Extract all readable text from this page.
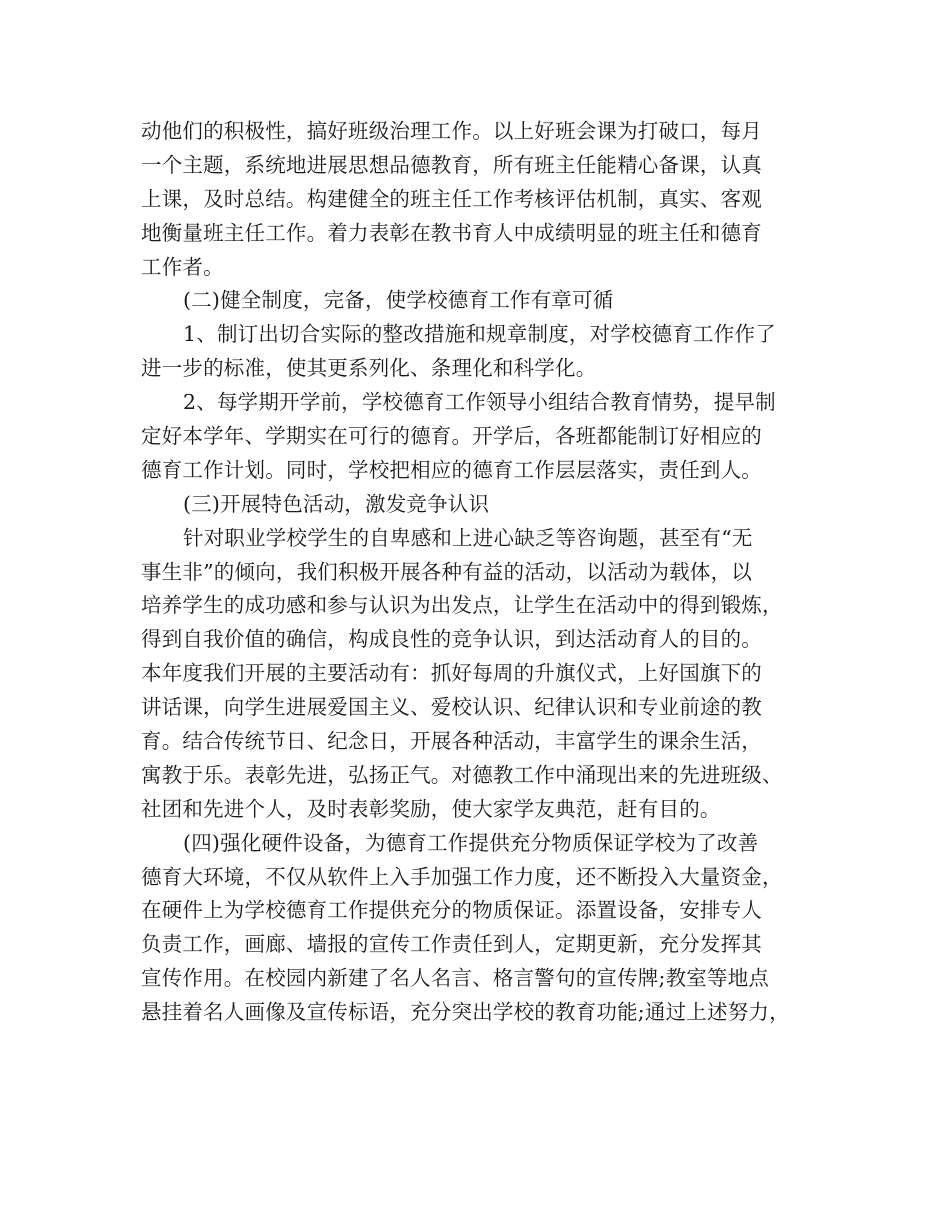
动他们的积极性，搞好班级治理工作。以上好班会课为打破口，每月
一个主题，系统地进展思想品德教育，所有班主任能精心备课，认真
上课，及时总结。构建健全的班主任工作考核评估机制，真实、客观
地衡量班主任工作。着力表彰在教书育人中成绩明显的班主任和德育
工作者。
(二)健全制度，完备，使学校德育工作有章可循
1、制订出切合实际的整改措施和规章制度，对学校德育工作作了
进一步的标准，使其更系列化、条理化和科学化。
2、每学期开学前，学校德育工作领导小组结合教育情势，提早制
定好本学年、学期实在可行的德育。开学后，各班都能制订好相应的
德育工作计划。同时，学校把相应的德育工作层层落实，责任到人。
(三)开展特色活动，激发竞争认识
针对职业学校学生的自卑感和上进心缺乏等咨询题，甚至有“无
事生非”的倾向，我们积极开展各种有益的活动，以活动为载体，以
培养学生的成功感和参与认识为出发点，让学生在活动中的得到锻炼，
得到自我价值的确信，构成良性的竞争认识，到达活动育人的目的。
本年度我们开展的主要活动有：抓好每周的升旗仪式，上好国旗下的
讲话课，向学生进展爱国主义、爱校认识、纪律认识和专业前途的教
育。结合传统节日、纪念日，开展各种活动，丰富学生的课余生活，
寓教于乐。表彰先进，弘扬正气。对德教工作中涌现出来的先进班级、
社团和先进个人，及时表彰奖励，使大家学友典范，赶有目的。
(四)强化硬件设备，为德育工作提供充分物质保证学校为了改善
德育大环境，不仅从软件上入手加强工作力度，还不断投入大量资金，
在硬件上为学校德育工作提供充分的物质保证。添置设备，安排专人
负责工作，画廊、墙报的宣传工作责任到人，定期更新，充分发挥其
宣传作用。在校园内新建了名人名言、格言警句的宣传牌;教室等地点
悬挂着名人画像及宣传标语，充分突出学校的教育功能;通过上述努力，
